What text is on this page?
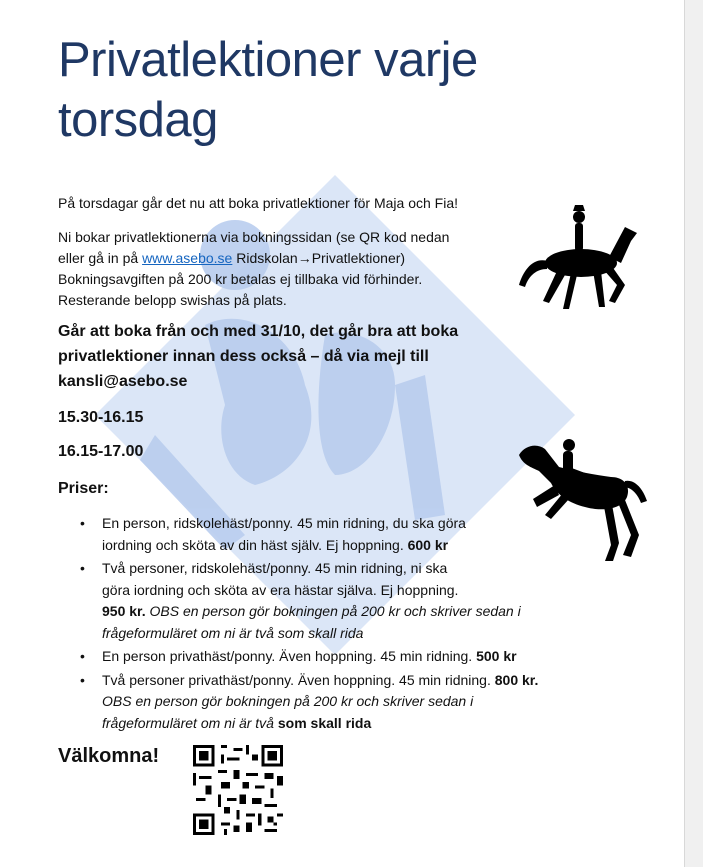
Privatlektioner varje torsdag

På torsdagar går det nu att boka privatlektioner för Maja och Fia!

Ni bokar privatlektionerna via bokningssidan (se QR kod nedan
eller gå in på www.asebo.se Ridskolan→Privatlektioner)
Bokningsavgiften på 200 kr betalas ej tillbaka vid förhinder.
Resterande belopp swishas på plats.

Går att boka från och med 31/10, det går bra att boka
privatlektioner innan dess också – då via mejl till
kansli@asebo.se

15.30-16.15

16.15-17.00

Priser:

• En person, ridskolehäst/ponny. 45 min ridning, du ska göra
iordning och sköta av din häst själv. Ej hoppning. 600 kr
• Två personer, ridskolehäst/ponny. 45 min ridning, ni ska
göra iordning och sköta av era hästar själva. Ej hoppning.
950 kr. OBS en person gör bokningen på 200 kr och skriver sedan i
frågeformuläret om ni är två som skall rida
• En person privathäst/ponny. Även hoppning. 45 min ridning. 500 kr
• Två personer privathäst/ponny. Även hoppning. 45 min ridning. 800 kr.
OBS en person gör bokningen på 200 kr och skriver sedan i
frågeformuläret om ni är två som skall rida

Välkomna!
